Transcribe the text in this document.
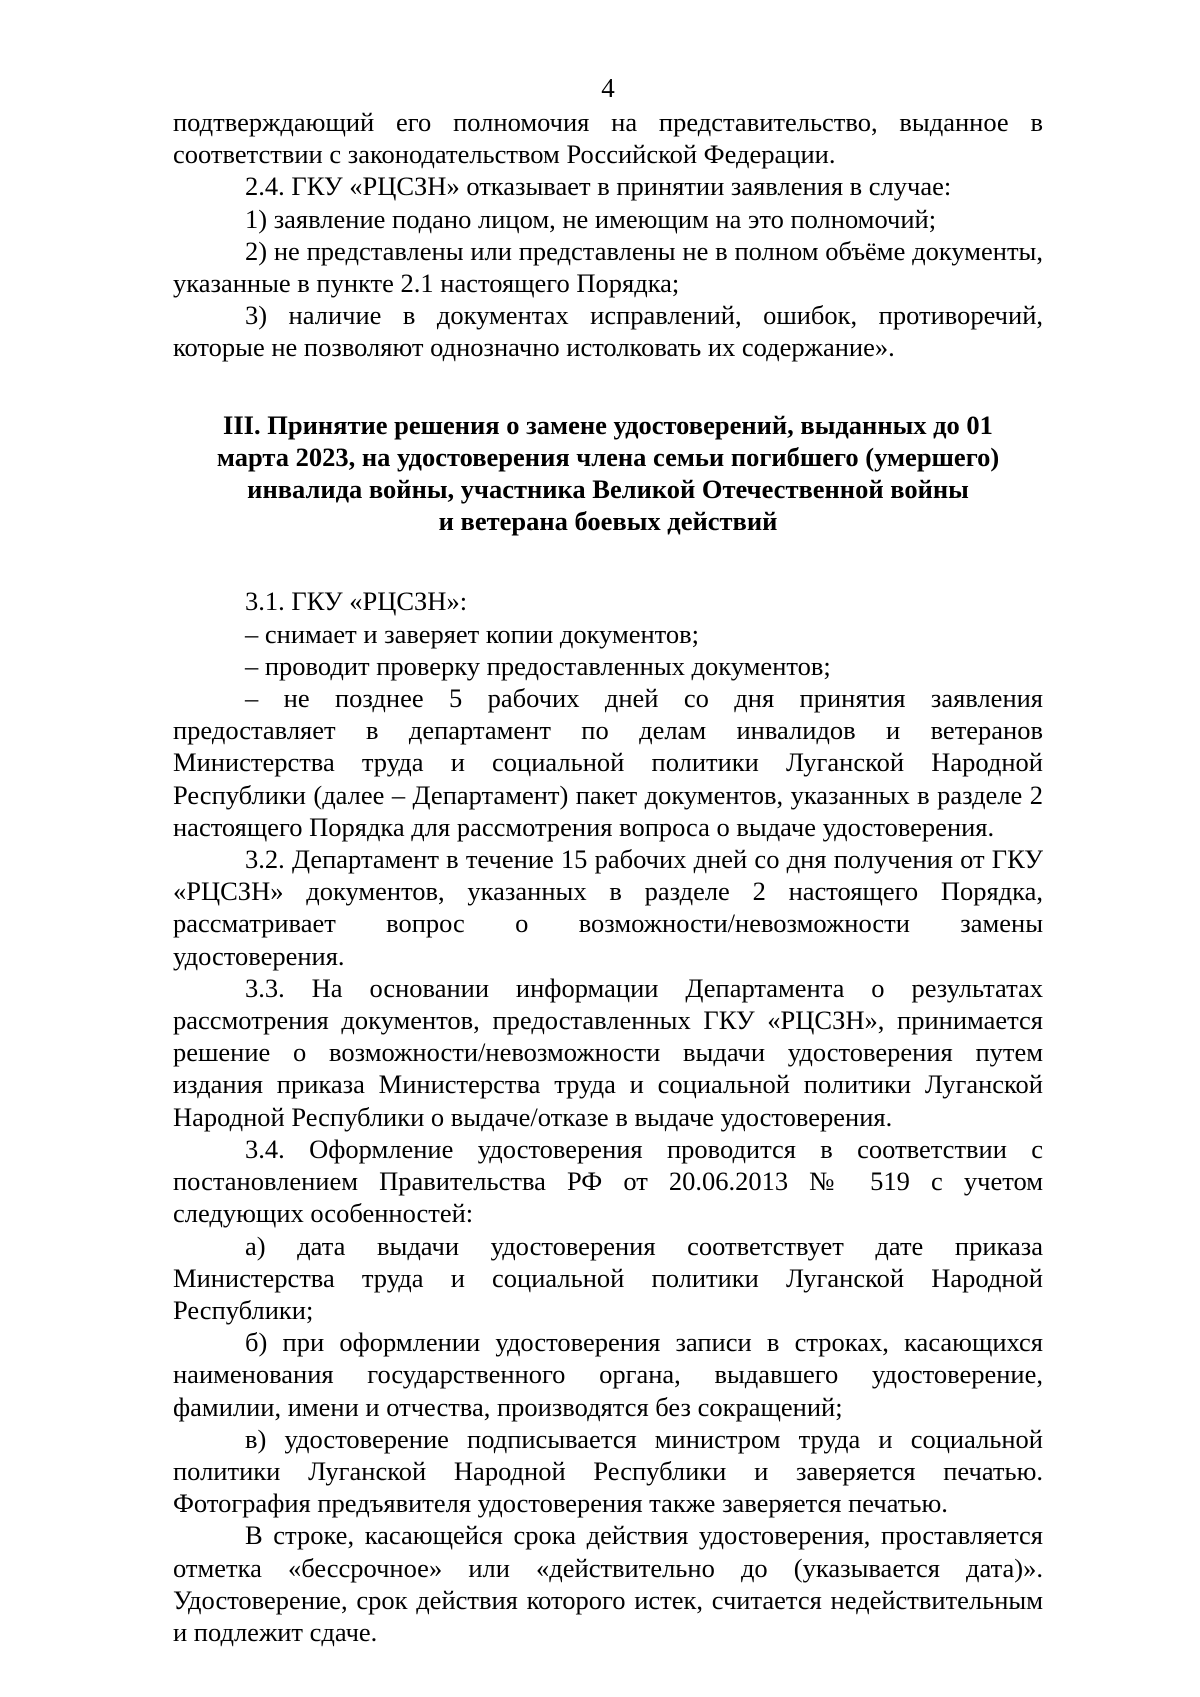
4

подтверждающий его полномочия на представительство, выданное в соответствии с законодательством Российской Федерации.

2.4. ГКУ «РЦСЗН» отказывает в принятии заявления в случае:

1) заявление подано лицом, не имеющим на это полномочий;

2) не представлены или представлены не в полном объёме документы, указанные в пункте 2.1 настоящего Порядка;

3) наличие в документах исправлений, ошибок, противоречий, которые не позволяют однозначно истолковать их содержание».

III. Принятие решения о замене удостоверений, выданных до 01
марта 2023, на удостоверения члена семьи погибшего (умершего)
инвалида войны, участника Великой Отечественной войны
и ветерана боевых действий

3.1. ГКУ «РЦСЗН»:

– снимает и заверяет копии документов;

– проводит проверку предоставленных документов;

– не позднее 5 рабочих дней со дня принятия заявления предоставляет в департамент по делам инвалидов и ветеранов Министерства труда и социальной политики Луганской Народной Республики (далее – Департамент) пакет документов, указанных в разделе 2 настоящего Порядка для рассмотрения вопроса о выдаче удостоверения.

3.2. Департамент в течение 15 рабочих дней со дня получения от ГКУ «РЦСЗН» документов, указанных в разделе 2 настоящего Порядка, рассматривает вопрос о возможности/невозможности замены удостоверения.

3.3. На основании информации Департамента о результатах рассмотрения документов, предоставленных ГКУ «РЦСЗН», принимается решение о возможности/невозможности выдачи удостоверения путем издания приказа Министерства труда и социальной политики Луганской Народной Республики о выдаче/отказе в выдаче удостоверения.

3.4. Оформление удостоверения проводится в соответствии с постановлением Правительства РФ от 20.06.2013 № 519 с учетом следующих особенностей:

а) дата выдачи удостоверения соответствует дате приказа Министерства труда и социальной политики Луганской Народной Республики;

б) при оформлении удостоверения записи в строках, касающихся наименования государственного органа, выдавшего удостоверение, фамилии, имени и отчества, производятся без сокращений;

в) удостоверение подписывается министром труда и социальной политики Луганской Народной Республики и заверяется печатью. Фотография предъявителя удостоверения также заверяется печатью.

В строке, касающейся срока действия удостоверения, проставляется отметка «бессрочное» или «действительно до (указывается дата)». Удостоверение, срок действия которого истек, считается недействительным и подлежит сдаче.
